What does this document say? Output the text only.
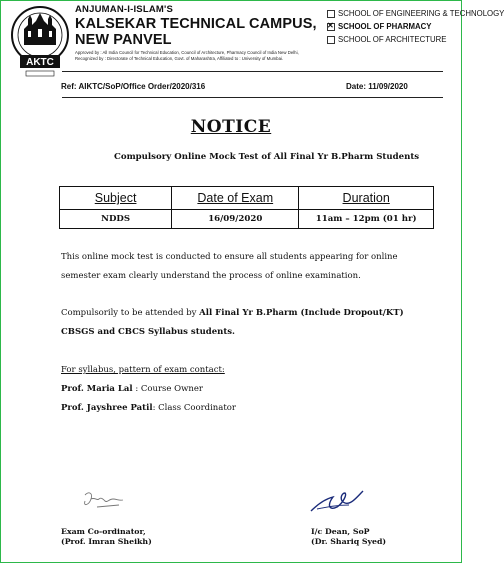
AKTC
ANJUMAN-I-ISLAM'S
KALSEKAR TECHNICAL CAMPUS, NEW PANVEL
Approved by : All India Council for Technical Education, Council of Architecture, Pharmacy Council of India New Delhi,
Recognized by : Directorate of Technical Education, Govt. of Maharashtra, Affiliated to : University of Mumbai.
SCHOOL OF ENGINEERING & TECHNOLOGY
✕
SCHOOL OF PHARMACY
SCHOOL OF ARCHITECTURE
Ref: AIKTC/SoP/Office Order/2020/316	Date: 11/09/2020
NOTICE
Compulsory Online Mock Test of All Final Yr B.Pharm Students
Subject	Date of Exam	Duration
NDDS	16/09/2020	11am – 12pm (01 hr)
This online mock test is conducted to ensure all students appearing for online
semester exam clearly understand the process of online examination.
Compulsorily to be attended by All Final Yr B.Pharm (Include Dropout/KT)
CBSGS and CBCS Syllabus students.
For syllabus, pattern of exam contact:
Prof. Maria Lal : Course Owner
Prof. Jayshree Patil: Class Coordinator
Exam Co-ordinator,
(Prof. Imran Sheikh)
I/c Dean, SoP
(Dr. Shariq Syed)
